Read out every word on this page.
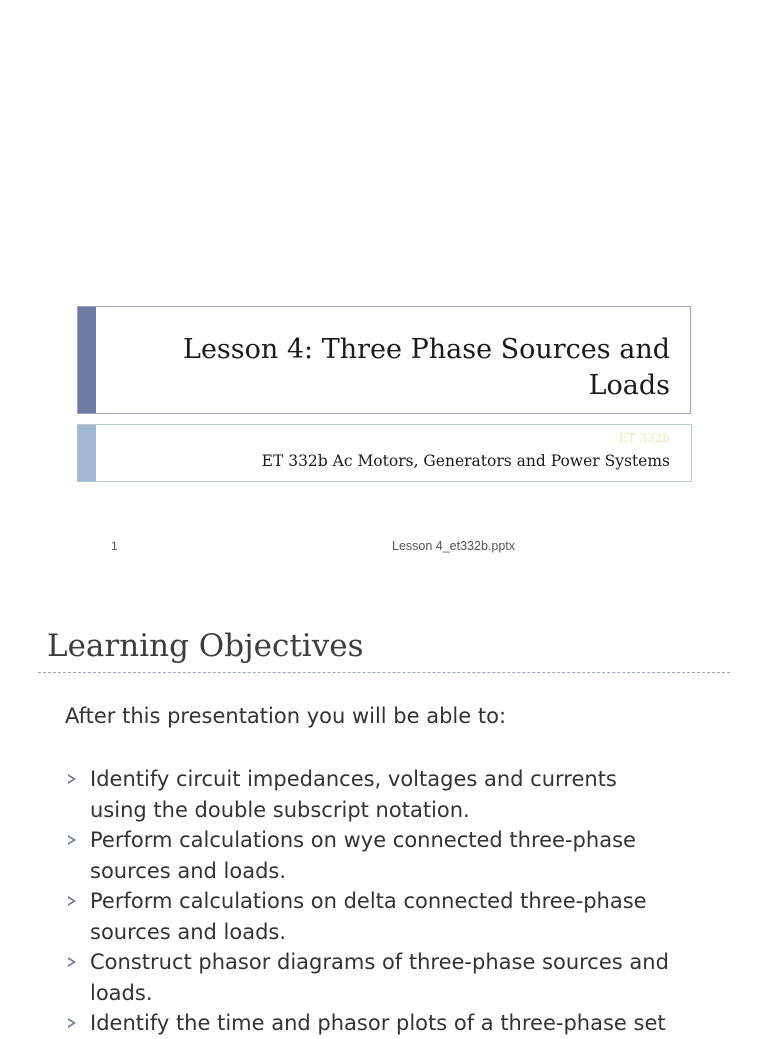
Lesson 4: Three Phase Sources and Loads
ET 332b
ET 332b Ac Motors, Generators and Power Systems
1	Lesson 4_et332b.pptx
Learning Objectives
After this presentation you will be able to:
Identify circuit impedances, voltages and currents using the double subscript notation.
Perform calculations on wye connected three-phase sources and loads.
Perform calculations on delta connected three-phase sources and loads.
Construct phasor diagrams of three-phase sources and loads.
Identify the time and phasor plots of a three-phase set
